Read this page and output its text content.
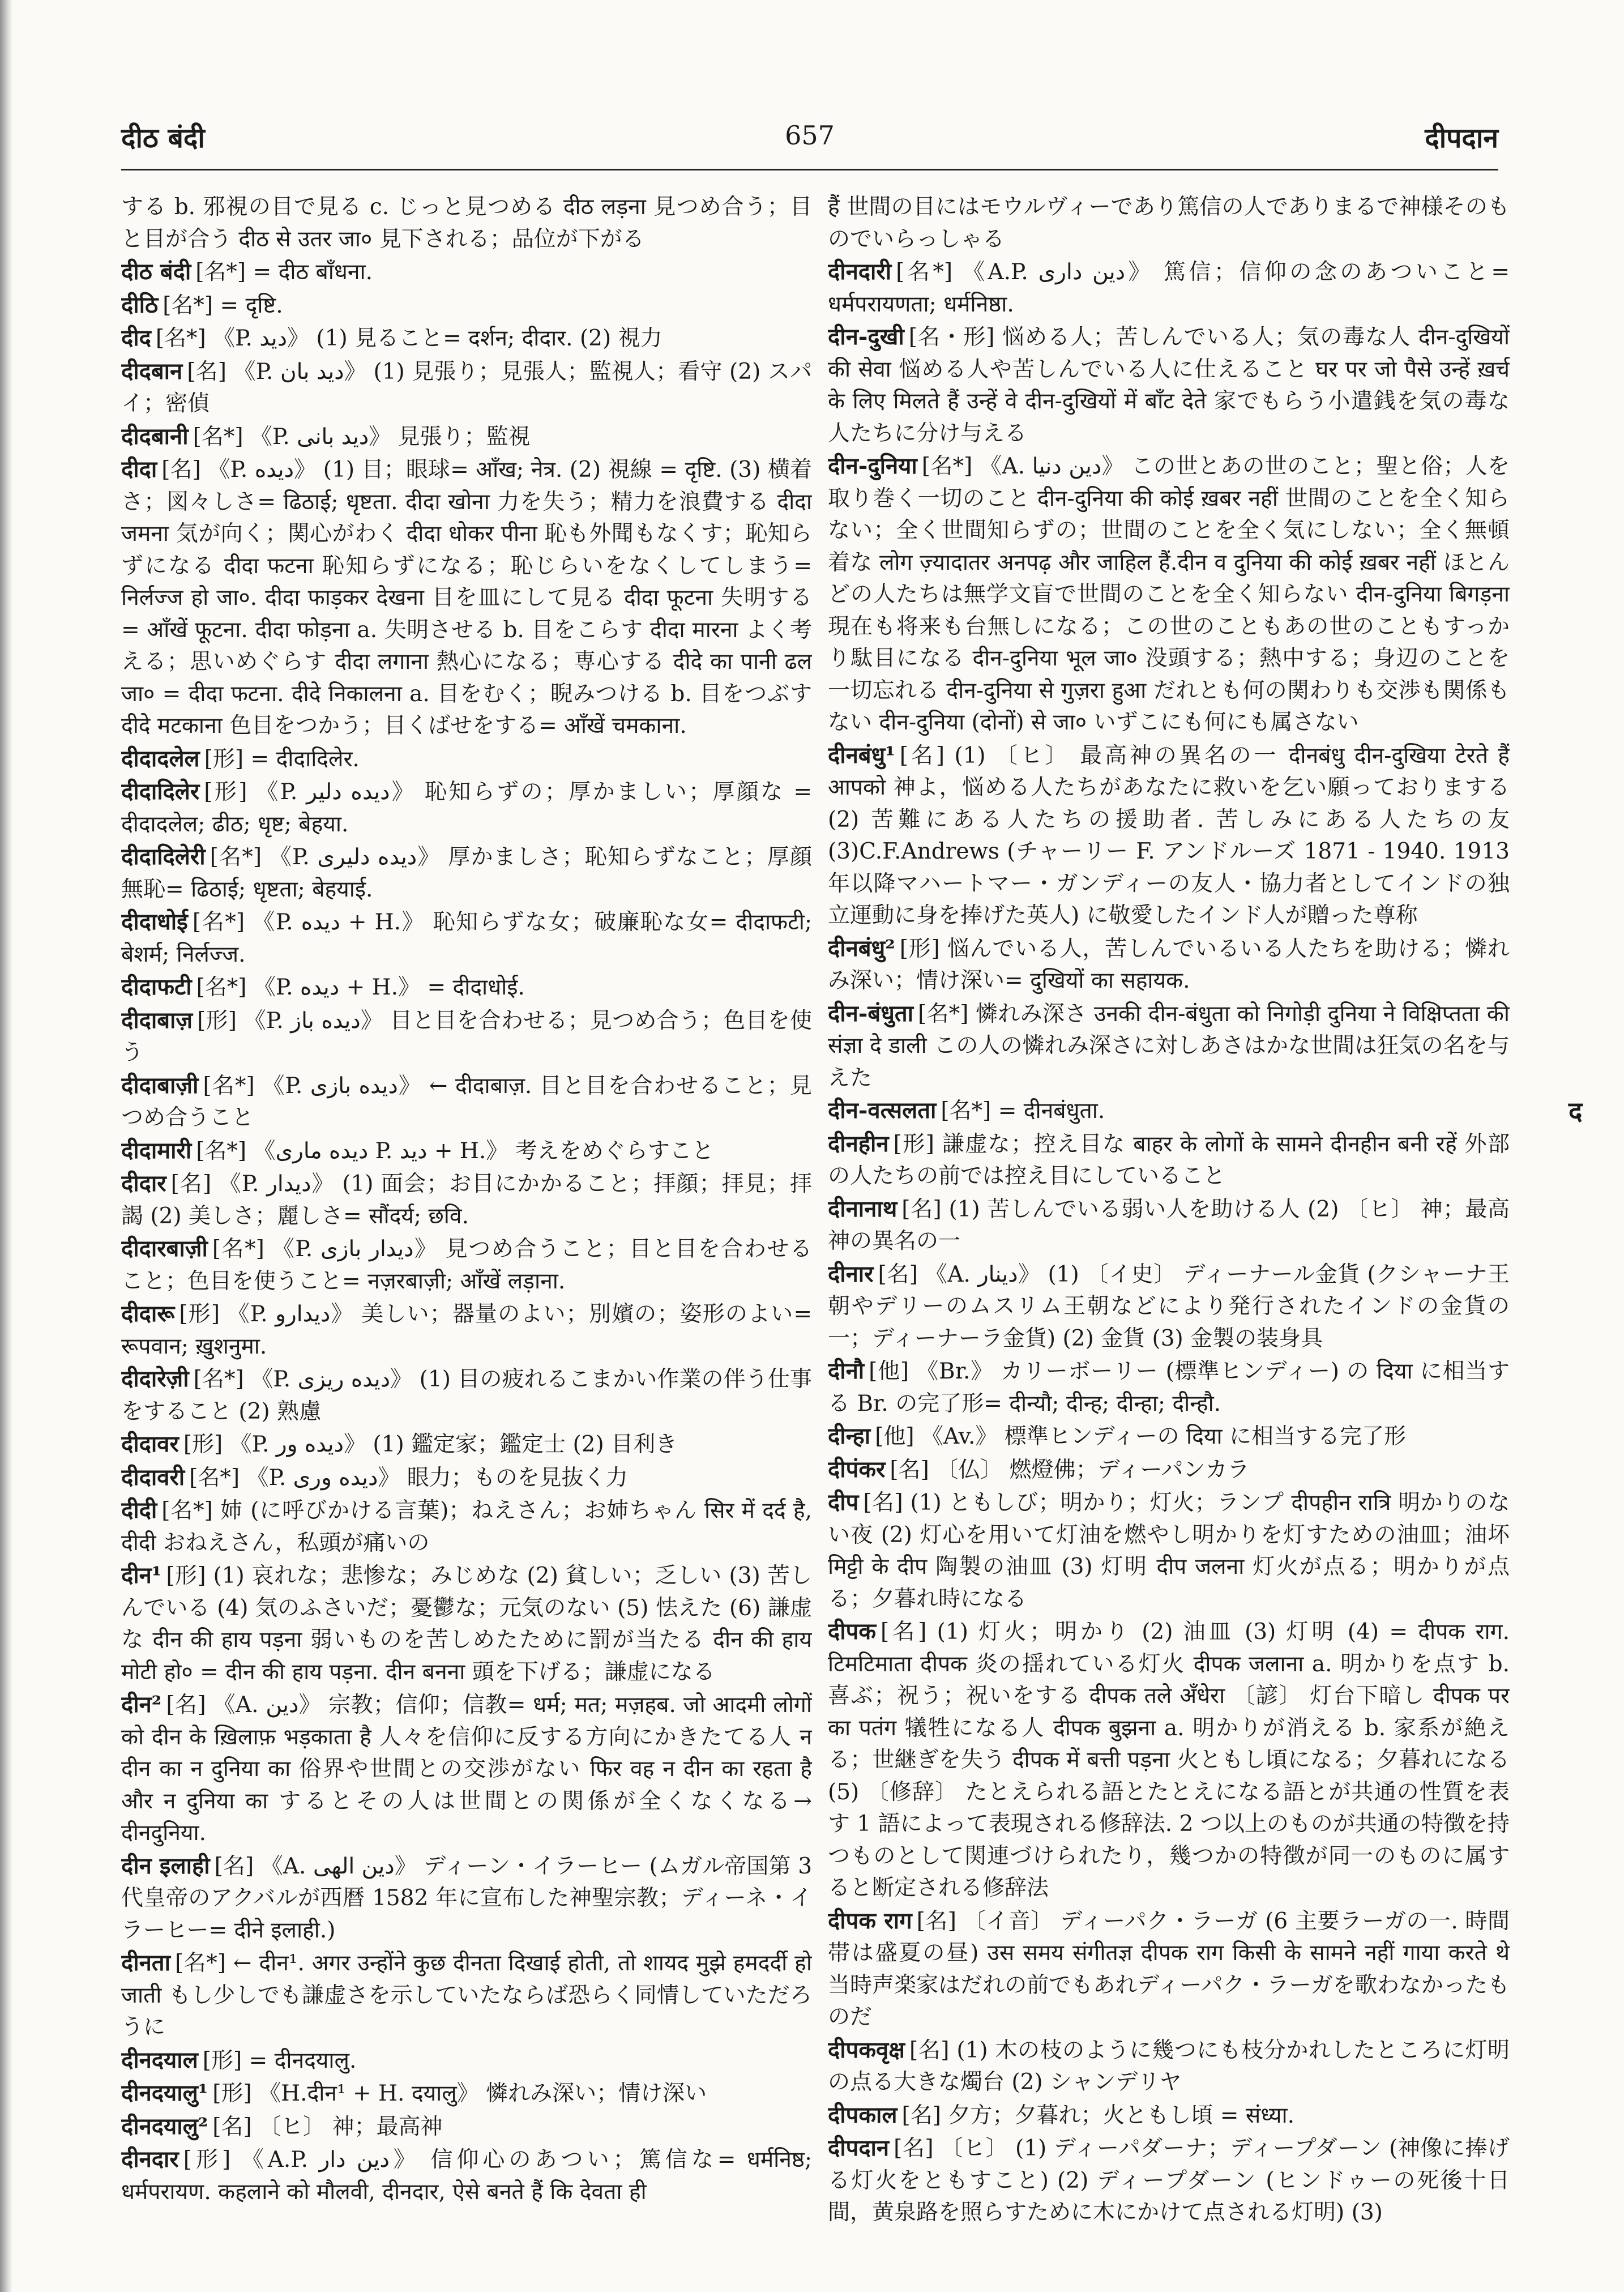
दीठ बंदी	657	दीपदान
する b. 邪視の目で見る c. じっと見つめる दीठ लड़ना 見つめ合う；目と目が合う दीठ से उतर जा० 見下される；品位が下がる
दीठ बंदी [名*] = दीठ बाँधना.
दीठि [名*] = दृष्टि.
दीद [名*] 《P. دید》 (1) 見ること= दर्शन; दीदार. (2) 視力
दीदबान [名] 《P. دید بان》 (1) 見張り；見張人；監視人；看守 (2) スパイ；密偵
दीदबानी [名*] 《P. دید بانی》 見張り；監視
दीदा [名] 《P. دیده》 (1) 目；眼球= आँख; नेत्र. (2) 視線 = दृष्टि. (3) 横着さ；図々しさ= ढिठाई; धृष्टता. दीदा खोना 力を失う；精力を浪費する दीदा जमना 気が向く；関心がわく दीदा धोकर पीना 恥も外聞もなくす；恥知らずになる दीदा फटना 恥知らずになる；恥じらいをなくしてしまう= निर्लज्ज हो जा०. दीदा फाड़कर देखना 目を皿にして見る दीदा फूटना 失明する= आँखें फूटना. दीदा फोड़ना a. 失明させる b. 目をこらす दीदा मारना よく考える；思いめぐらす दीदा लगाना 熱心になる；専心する दीदे का पानी ढल जा० = दीदा फटना. दीदे निकालना a. 目をむく；睨みつける b. 目をつぶす दीदे मटकाना 色目をつかう；目くばせをする= आँखें चमकाना.
दीदादलेल [形] = दीदादिलेर.
दीदादिलेर [形] 《P. دیده دلیر》 恥知らずの；厚かましい；厚顔な = दीदादलेल; ढीठ; धृष्ट; बेहया.
दीदादिलेरी [名*] 《P. دیده دلیری》 厚かましさ；恥知らずなこと；厚顔無恥= ढिठाई; धृष्टता; बेहयाई.
दीदाधोई [名*] 《P. دیده + H.》 恥知らずな女；破廉恥な女= दीदाफटी; बेशर्म; निर्लज्ज.
दीदाफटी [名*] 《P. دیده + H.》 = दीदाधोई.
दीदाबाज़ [形] 《P. دیده باز》 目と目を合わせる；見つめ合う；色目を使う
दीदाबाज़ी [名*] 《P. دیده بازی》 ← दीदाबाज़. 目と目を合わせること；見つめ合うこと
दीदामारी [名*] 《دیده ماری P. دید + H.》 考えをめぐらすこと
दीदार [名] 《P. دیدار》 (1) 面会；お目にかかること；拝顔；拝見；拝謁 (2) 美しさ；麗しさ= सौंदर्य; छवि.
दीदारबाज़ी [名*] 《P. دیدار بازی》 見つめ合うこと；目と目を合わせること；色目を使うこと= नज़रबाज़ी; आँखें लड़ाना.
दीदारू [形] 《P. دیدارو》 美しい；器量のよい；別嬪の；姿形のよい= रूपवान; ख़ुशनुमा.
दीदारेज़ी [名*] 《P. دیده ریزی》 (1) 目の疲れるこまかい作業の伴う仕事をすること (2) 熟慮
दीदावर [形] 《P. دیده ور》 (1) 鑑定家；鑑定士 (2) 目利き
दीदावरी [名*] 《P. دیده وری》 眼力；ものを見抜く力
दीदी [名*] 姉 (に呼びかける言葉)；ねえさん；お姉ちゃん सिर में दर्द है, दीदी おねえさん，私頭が痛いの
दीन¹ [形] (1) 哀れな；悲惨な；みじめな (2) 貧しい；乏しい (3) 苦しんでいる (4) 気のふさいだ；憂鬱な；元気のない (5) 怯えた (6) 謙虚な दीन की हाय पड़ना 弱いものを苦しめたために罰が当たる दीन की हाय मोटी हो० = दीन की हाय पड़ना. दीन बनना 頭を下げる；謙虚になる
दीन² [名] 《A. دین》 宗教；信仰；信教= धर्म; मत; मज़हब. जो आदमी लोगों को दीन के ख़िलाफ़ भड़काता है 人々を信仰に反する方向にかきたてる人 न दीन का न दुनिया का 俗界や世間との交渉がない फिर वह न दीन का रहता है और न दुनिया का するとその人は世間との関係が全くなくなる→ दीनदुनिया.
दीन इलाही [名] 《A. دین الهی》 ディーン・イラーヒー (ムガル帝国第 3 代皇帝のアクバルが西暦 1582 年に宣布した神聖宗教；ディーネ・イラーヒー= दीने इलाही.)
दीनता [名*] ← दीन¹. अगर उन्होंने कुछ दीनता दिखाई होती, तो शायद मुझे हमदर्दी हो जाती もし少しでも謙虚さを示していたならば恐らく同情していただろうに
दीनदयाल [形] = दीनदयालु.
दीनदयालु¹ [形] 《H.दीन¹ + H. दयालु》 憐れみ深い；情け深い
दीनदयालु² [名] 〔ヒ〕 神；最高神
दीनदार [形] 《A.P. دین دار》 信仰心のあつい；篤信な= धर्मनिष्ठ; धर्मपरायण. कहलाने को मौलवी, दीनदार, ऐसे बनते हैं कि देवता ही
हैं 世間の目にはモウルヴィーであり篤信の人でありまるで神様そのものでいらっしゃる
दीनदारी [名*] 《A.P. دین داری》 篤信；信仰の念のあついこと= धर्मपरायणता; धर्मनिष्ठा.
दीन-दुखी [名・形] 悩める人；苦しんでいる人；気の毒な人 दीन-दुखियों की सेवा 悩める人や苦しんでいる人に仕えること घर पर जो पैसे उन्हें ख़र्च के लिए मिलते हैं उन्हें वे दीन-दुखियों में बाँट देते 家でもらう小遣銭を気の毒な人たちに分け与える
दीन-दुनिया [名*] 《A. دین دنیا》 この世とあの世のこと；聖と俗；人を取り巻く一切のこと दीन-दुनिया की कोई ख़बर नहीं 世間のことを全く知らない；全く世間知らずの；世間のことを全く気にしない；全く無頓着な लोग ज़्यादातर अनपढ़ और जाहिल हैं.दीन व दुनिया की कोई ख़बर नहीं ほとんどの人たちは無学文盲で世間のことを全く知らない दीन-दुनिया बिगड़ना 現在も将来も台無しになる；この世のこともあの世のこともすっかり駄目になる दीन-दुनिया भूल जा० 没頭する；熱中する；身辺のことを一切忘れる दीन-दुनिया से गुज़रा हुआ だれとも何の関わりも交渉も関係もない दीन-दुनिया (दोनों) से जा० いずこにも何にも属さない
दीनबंधु¹ [名] (1) 〔ヒ〕 最高神の異名の一 दीनबंधु दीन-दुखिया टेरते हैं आपको 神よ，悩める人たちがあなたに救いを乞い願っておりまする (2) 苦難にある人たちの援助者. 苦しみにある人たちの友 (3)C.F.Andrews (チャーリー F. アンドルーズ 1871 - 1940. 1913 年以降マハートマー・ガンディーの友人・協力者としてインドの独立運動に身を捧げた英人) に敬愛したインド人が贈った尊称
दीनबंधु² [形] 悩んでいる人，苦しんでいるいる人たちを助ける；憐れみ深い；情け深い= दुखियों का सहायक.
दीन-बंधुता [名*] 憐れみ深さ उनकी दीन-बंधुता को निगोड़ी दुनिया ने विक्षिप्तता की संज्ञा दे डाली この人の憐れみ深さに対しあさはかな世間は狂気の名を与えた
दीन-वत्सलता [名*] = दीनबंधुता.
दीनहीन [形] 謙虚な；控え目な बाहर के लोगों के सामने दीनहीन बनी रहें 外部の人たちの前では控え目にしていること
दीनानाथ [名] (1) 苦しんでいる弱い人を助ける人 (2) 〔ヒ〕 神；最高神の異名の一
दीनार [名] 《A. دینار》 (1) 〔イ史〕 ディーナール金貨 (クシャーナ王朝やデリーのムスリム王朝などにより発行されたインドの金貨の一；ディーナーラ金貨) (2) 金貨 (3) 金製の装身具
दीनौ [他] 《Br.》 カリーボーリー (標準ヒンディー) の दिया に相当する Br. の完了形= दीन्यौ; दीन्ह; दीन्हा; दीन्हौ.
दीन्हा [他] 《Av.》 標準ヒンディーの दिया に相当する完了形
दीपंकर [名] 〔仏〕 燃燈佛；ディーパンカラ
दीप [名] (1) ともしび；明かり；灯火；ランプ दीपहीन रात्रि 明かりのない夜 (2) 灯心を用いて灯油を燃やし明かりを灯すための油皿；油坏 मिट्टी के दीप 陶製の油皿 (3) 灯明 दीप जलना 灯火が点る；明かりが点る；夕暮れ時になる
दीपक [名] (1) 灯火；明かり (2) 油皿 (3) 灯明 (4) = दीपक राग. टिमटिमाता दीपक 炎の揺れている灯火 दीपक जलाना a. 明かりを点す b. 喜ぶ；祝う；祝いをする दीपक तले अँधेरा 〔諺〕 灯台下暗し दीपक पर का पतंग 犠牲になる人 दीपक बुझना a. 明かりが消える b. 家系が絶える；世継ぎを失う दीपक में बत्ती पड़ना 火ともし頃になる；夕暮れになる (5) 〔修辞〕 たとえられる語とたとえになる語とが共通の性質を表す 1 語によって表現される修辞法. 2 つ以上のものが共通の特徴を持つものとして関連づけられたり，幾つかの特徴が同一のものに属すると断定される修辞法
दीपक राग [名] 〔イ音〕 ディーパク・ラーガ (6 主要ラーガの一. 時間帯は盛夏の昼) उस समय संगीतज्ञ दीपक राग किसी के सामने नहीं गाया करते थे 当時声楽家はだれの前でもあれディーパク・ラーガを歌わなかったものだ
दीपकवृक्ष [名] (1) 木の枝のように幾つにも枝分かれしたところに灯明の点る大きな燭台 (2) シャンデリヤ
दीपकाल [名] 夕方；夕暮れ；火ともし頃 = संध्या.
दीपदान [名] 〔ヒ〕 (1) ディーパダーナ；ディープダーン (神像に捧げる灯火をともすこと) (2) ディープダーン (ヒンドゥーの死後十日間，黄泉路を照らすために木にかけて点される灯明) (3)
द
